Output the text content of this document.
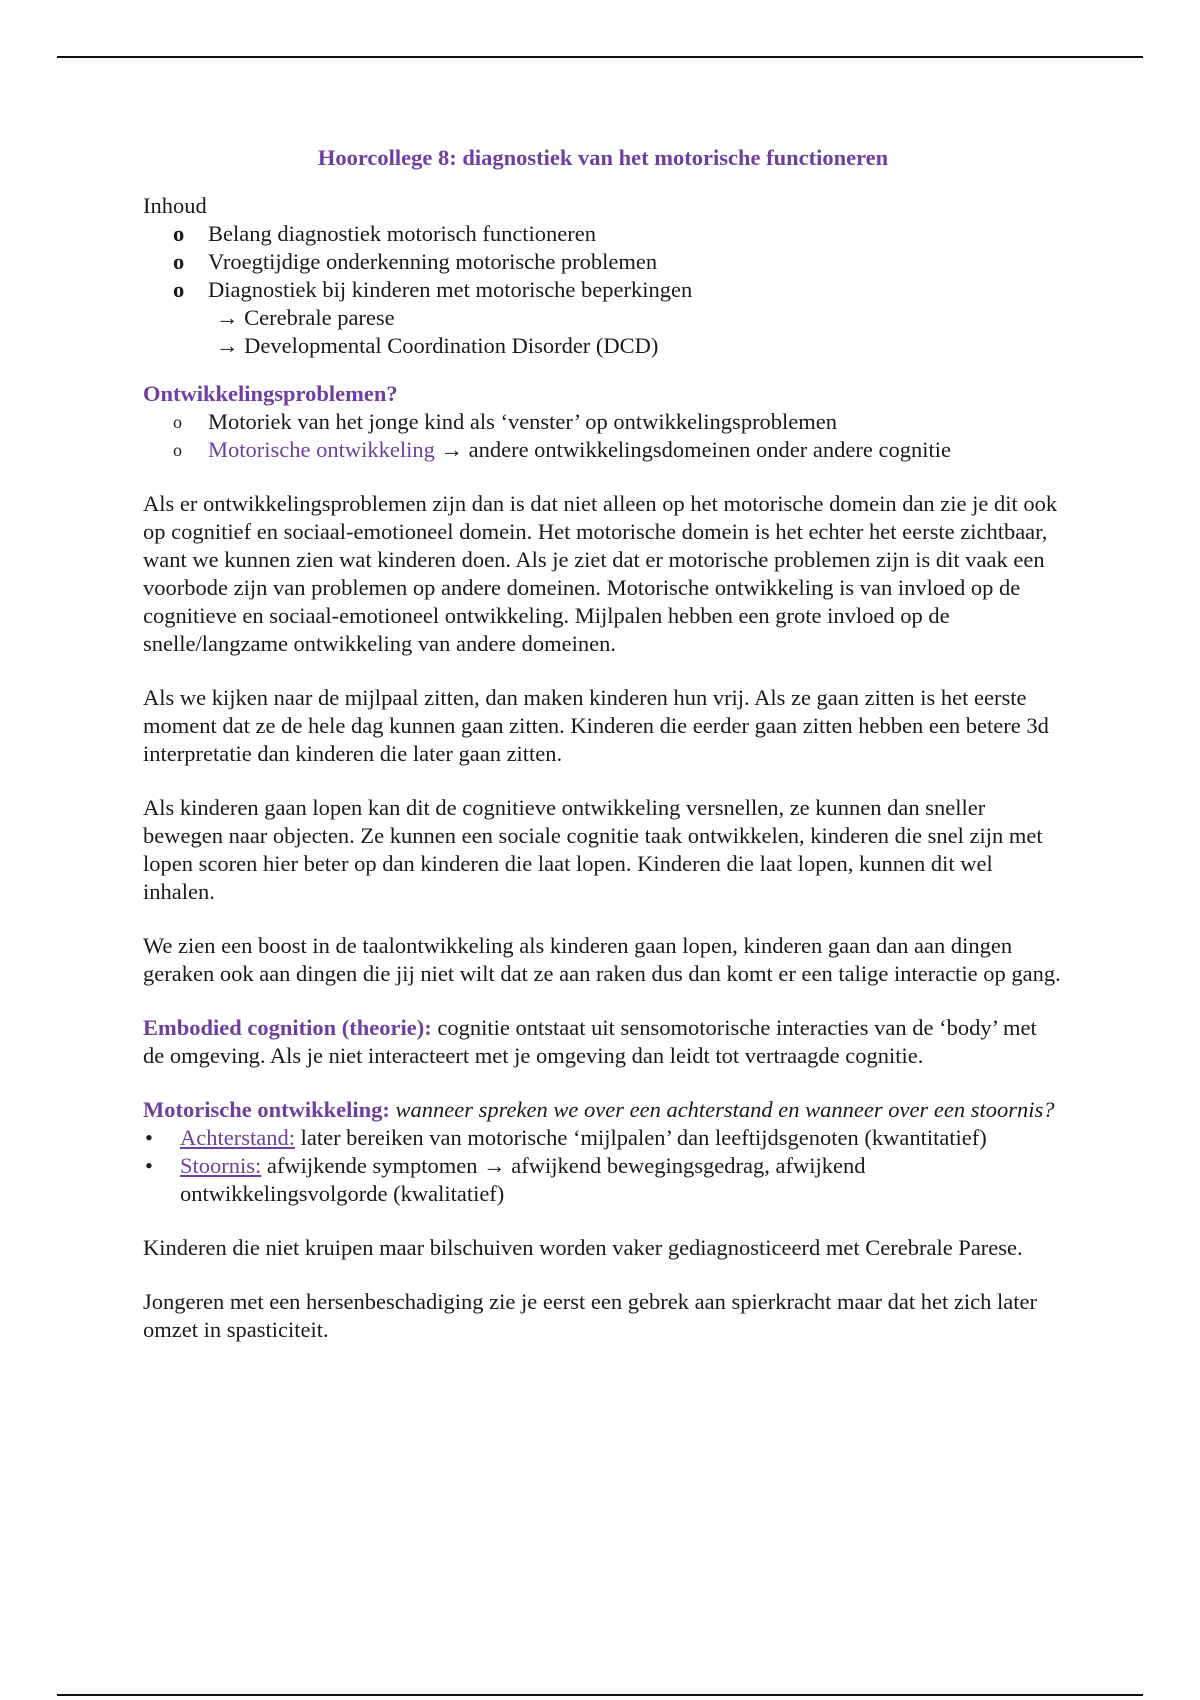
Hoorcollege 8: diagnostiek van het motorische functioneren
Inhoud
o Belang diagnostiek motorisch functioneren
o Vroegtijdige onderkenning motorische problemen
o Diagnostiek bij kinderen met motorische beperkingen
→ Cerebrale parese
→ Developmental Coordination Disorder (DCD)
Ontwikkelingsproblemen?
o Motoriek van het jonge kind als ‘venster’ op ontwikkelingsproblemen
o Motorische ontwikkeling → andere ontwikkelingsdomeinen onder andere cognitie
Als er ontwikkelingsproblemen zijn dan is dat niet alleen op het motorische domein dan zie je dit ook op cognitief en sociaal-emotioneel domein. Het motorische domein is het echter het eerste zichtbaar, want we kunnen zien wat kinderen doen. Als je ziet dat er motorische problemen zijn is dit vaak een voorbode zijn van problemen op andere domeinen. Motorische ontwikkeling is van invloed op de cognitieve en sociaal-emotioneel ontwikkeling. Mijlpalen hebben een grote invloed op de snelle/langzame ontwikkeling van andere domeinen.
Als we kijken naar de mijlpaal zitten, dan maken kinderen hun vrij. Als ze gaan zitten is het eerste moment dat ze de hele dag kunnen gaan zitten. Kinderen die eerder gaan zitten hebben een betere 3d interpretatie dan kinderen die later gaan zitten.
Als kinderen gaan lopen kan dit de cognitieve ontwikkeling versnellen, ze kunnen dan sneller bewegen naar objecten. Ze kunnen een sociale cognitie taak ontwikkelen, kinderen die snel zijn met lopen scoren hier beter op dan kinderen die laat lopen. Kinderen die laat lopen, kunnen dit wel inhalen.
We zien een boost in de taalontwikkeling als kinderen gaan lopen, kinderen gaan dan aan dingen geraken ook aan dingen die jij niet wilt dat ze aan raken dus dan komt er een talige interactie op gang.
Embodied cognition (theorie): cognitie ontstaat uit sensomotorische interacties van de ‘body’ met de omgeving. Als je niet interacteert met je omgeving dan leidt tot vertraagde cognitie.
Motorische ontwikkeling: wanneer spreken we over een achterstand en wanneer over een stoornis?
• Achterstand: later bereiken van motorische ‘mijlpalen’ dan leeftijdsgenoten (kwantitatief)
• Stoornis: afwijkende symptomen → afwijkend bewegingsgedrag, afwijkend ontwikkelingsvolgorde (kwalitatief)
Kinderen die niet kruipen maar bilschuiven worden vaker gediagnosticeerd met Cerebrale Parese.
Jongeren met een hersenbeschadiging zie je eerst een gebrek aan spierkracht maar dat het zich later omzet in spasticiteit.
